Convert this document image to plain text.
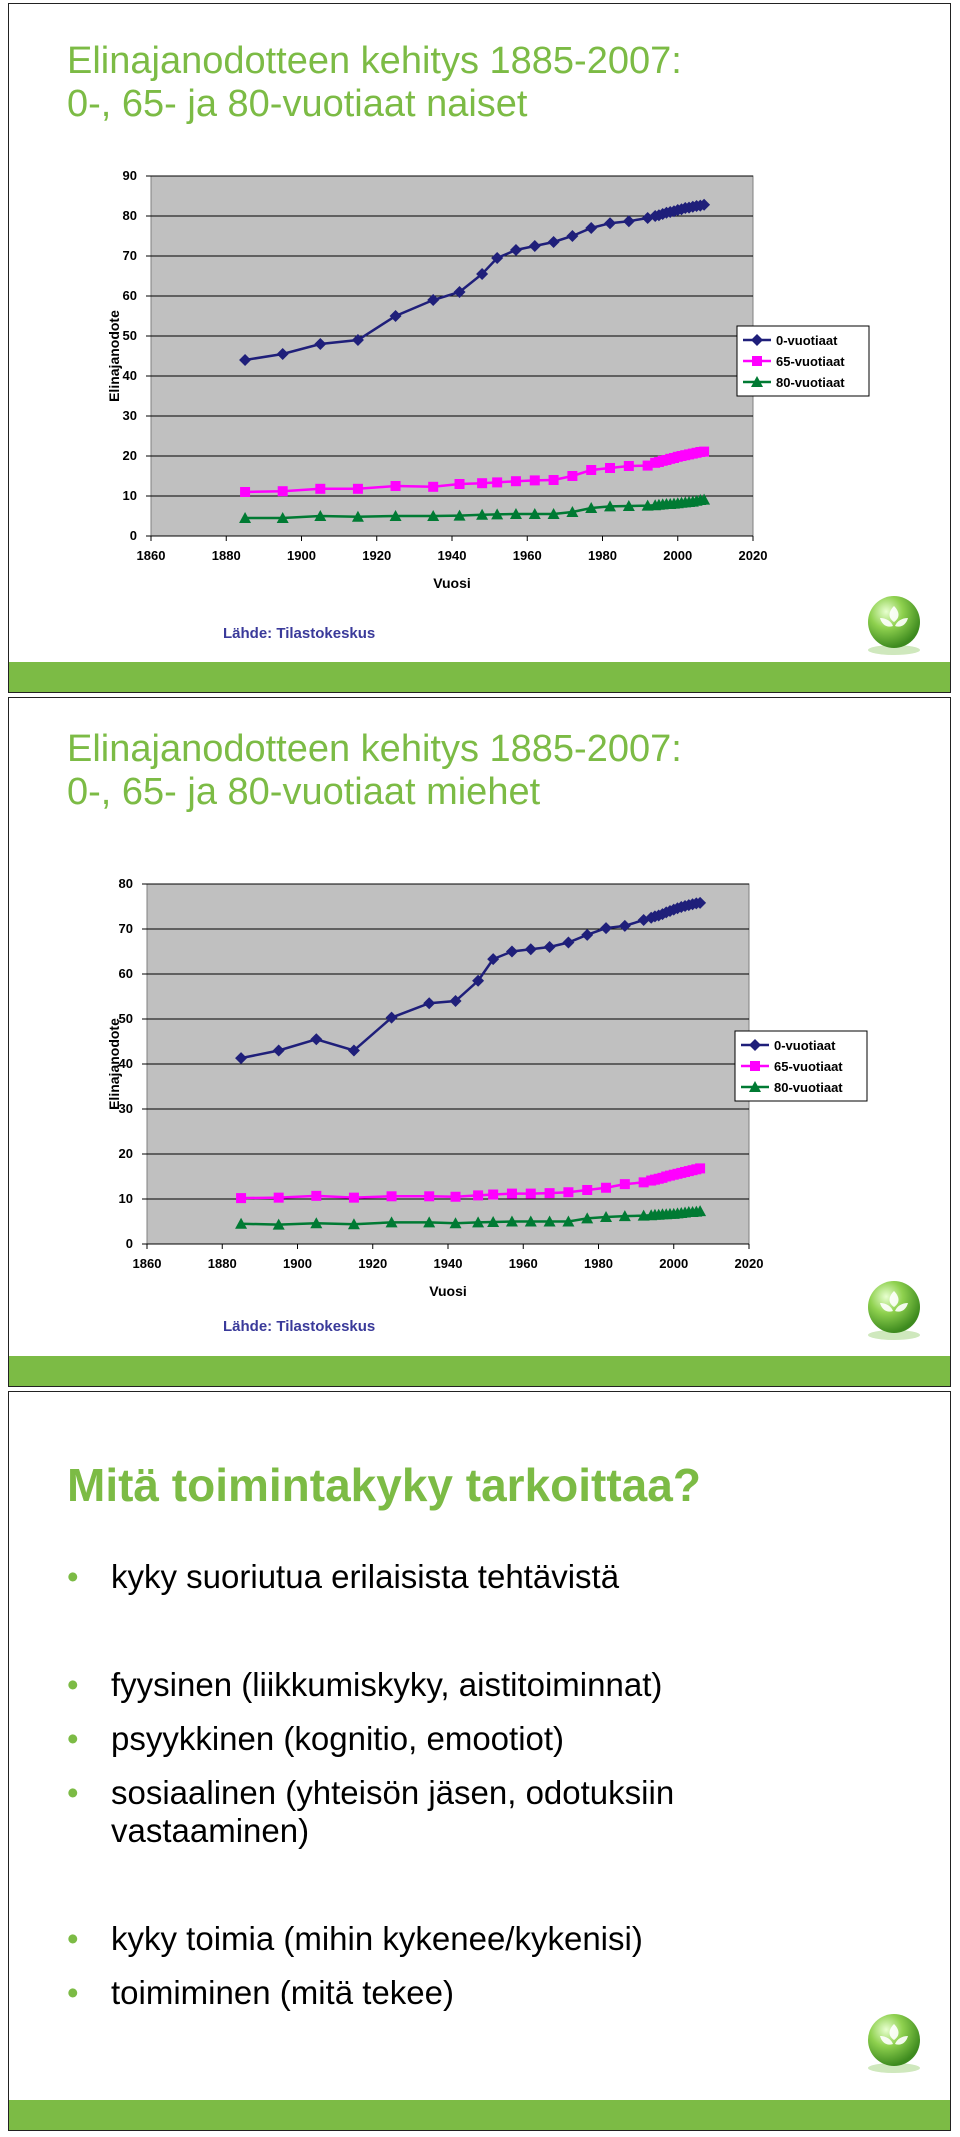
Elinajanodotteen kehitys 1885-2007:
0-, 65- ja 80-vuotiaat naiset
0
10
20
30
40
50
60
70
80
90
1860	1880	1900	1920	1940	1960	1980	2000	2020
Vuosi
Elinajanodote	0-vuotiaat
65-vuotiaat
80-vuotiaat
Lähde: Tilastokeskus
Elinajanodotteen kehitys 1885-2007:
0-, 65- ja 80-vuotiaat miehet
0
10
20
30
40
50
60
70
80
1860	1880	1900	1920	1940	1960	1980	2000	2020
Vuosi
Elinajanodote	0-vuotiaat
65-vuotiaat
80-vuotiaat
Lähde: Tilastokeskus
Mitä toimintakyky tarkoittaa?
• kyky suoriutua erilaisista tehtävistä
• fyysinen (liikkumiskyky, aistitoiminnat)
• psyykkinen (kognitio, emootiot)
• sosiaalinen (yhteisön jäsen, odotuksiin vastaaminen)
• kyky toimia (mihin kykenee/kykenisi)
• toimiminen (mitä tekee)
